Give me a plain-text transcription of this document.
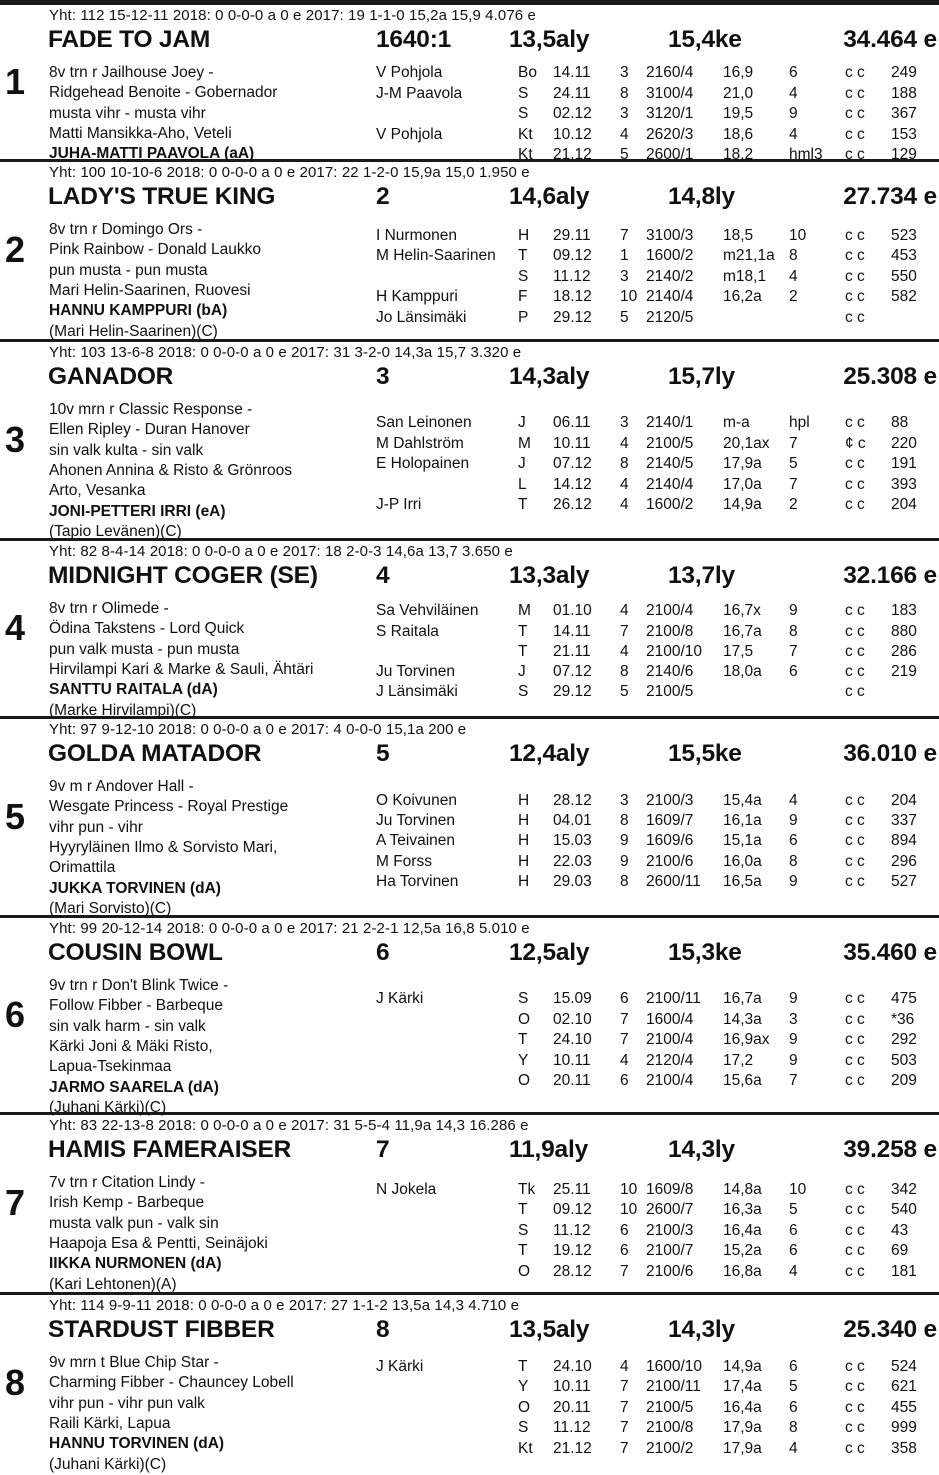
1
Yht: 112 15-12-11 2018: 0 0-0-0 a 0 e 2017: 19 1-1-0 15,2a 15,9 4.076 e
FADE TO JAM	1640:1 13,5aly	15,4ke	34.464 e
8v trn r Jailhouse Joey -
Ridgehead Benoite - Gobernador
musta vihr - musta vihr
Matti Mansikka-Aho, Veteli
JUHA-MATTI PAAVOLA (aA)
V Pohjola	Bo 14.11 3 2160/4 16,9 6	c c 249
J-M Paavola	S 24.11 8 3100/4 21,0 4	c c 188
S 02.12 3 3120/1 19,5 9	c c 367
V Pohjola	Kt 10.12 4 2620/3 18,6 4	c c 153
Kt 21.12 5 2600/1 18,2 hml3 c c 129
2
Yht: 100 10-10-6 2018: 0 0-0-0 a 0 e 2017: 22 1-2-0 15,9a 15,0 1.950 e
LADY'S TRUE KING	2	14,6aly	14,8ly	27.734 e
8v trn r Domingo Ors -
Pink Rainbow - Donald Laukko
pun musta - pun musta
Mari Helin-Saarinen, Ruovesi
HANNU KAMPPURI (bA)
(Mari Helin-Saarinen)(C)
I Nurmonen	H 29.11 7 3100/3 18,5 10	c c 523
M Helin-Saarinen T 09.12 1 1600/2 m21,1a 8	c c 453
S 11.12 3 2140/2 m18,1 4	c c 550
H Kamppuri	F 18.12 10 2140/4 16,2a 2	c c 582
Jo Länsimäki	P 29.12 5 2120/5	c c
3
Yht: 103 13-6-8 2018: 0 0-0-0 a 0 e 2017: 31 3-2-0 14,3a 15,7 3.320 e
GANADOR	3	14,3aly	15,7ly	25.308 e
10v mrn r Classic Response -
Ellen Ripley - Duran Hanover
sin valk kulta - sin valk
Ahonen Annina & Risto & Grönroos
Arto, Vesanka
JONI-PETTERI IRRI (eA)
(Tapio Levänen)(C)
San Leinonen	J 06.11 3 2140/1 m-a	hpl c c 88
M Dahlström	M 10.11 4 2100/5 20,1ax 7	¢ c 220
E Holopainen	J 07.12 8 2140/5 17,9a 5	c c 191
L 14.12 4 2140/4 17,0a 7	c c 393
J-P Irri	T 26.12 4 1600/2 14,9a 2	c c 204
4
Yht: 82 8-4-14 2018: 0 0-0-0 a 0 e 2017: 18 2-0-3 14,6a 13,7 3.650 e
MIDNIGHT COGER (SE) 4	13,3aly	13,7ly	32.166 e
8v trn r Olimede -
Ödina Takstens - Lord Quick
pun valk musta - pun musta
Hirvilampi Kari & Marke & Sauli, Ähtäri
SANTTU RAITALA (dA)
(Marke Hirvilampi)(C)
Sa Vehviläinen	M 01.10 4 2100/4 16,7x 9	c c 183
S Raitala	T 14.11 7 2100/8 16,7a 8	c c 880
T 21.11 4 2100/10 17,5 7	c c 286
Ju Torvinen	J 07.12 8 2140/6 18,0a 6	c c 219
J Länsimäki	S 29.12 5 2100/5	c c
5
Yht: 97 9-12-10 2018: 0 0-0-0 a 0 e 2017: 4 0-0-0 15,1a 200 e
GOLDA MATADOR	5	12,4aly	15,5ke	36.010 e
9v m r Andover Hall -
Wesgate Princess - Royal Prestige
vihr pun - vihr
Hyyryläinen Ilmo & Sorvisto Mari,
Orimattila
JUKKA TORVINEN (dA)
(Mari Sorvisto)(C)
O Koivunen	H 28.12 3 2100/3 15,4a 4	c c 204
Ju Torvinen	H 04.01 8 1609/7 16,1a 9	c c 337
A Teivainen	H 15.03 9 1609/6 15,1a 6	c c 894
M Forss	H 22.03 9 2100/6 16,0a 8	c c 296
Ha Torvinen	H 29.03 8 2600/11 16,5a 9	c c 527
6
Yht: 99 20-12-14 2018: 0 0-0-0 a 0 e 2017: 21 2-2-1 12,5a 16,8 5.010 e
COUSIN BOWL	6	12,5aly	15,3ke	35.460 e
9v trn r Don't Blink Twice -
Follow Fibber - Barbeque
sin valk harm - sin valk
Kärki Joni & Mäki Risto,
Lapua-Tsekinmaa
JARMO SAARELA (dA)
(Juhani Kärki)(C)
J Kärki	S 15.09 6 2100/11 16,7a 9	c c 475
O 02.10 7 1600/4 14,3a 3	c c *36
T 24.10 7 2100/4 16,9ax 9	c c 292
Y 10.11 4 2120/4 17,2 9	c c 503
O 20.11 6 2100/4 15,6a 7	c c 209
7
Yht: 83 22-13-8 2018: 0 0-0-0 a 0 e 2017: 31 5-5-4 11,9a 14,3 16.286 e
HAMIS FAMERAISER	7	11,9aly	14,3ly	39.258 e
7v trn r Citation Lindy -
Irish Kemp - Barbeque
musta valk pun - valk sin
Haapoja Esa & Pentti, Seinäjoki
IIKKA NURMONEN (dA)
(Kari Lehtonen)(A)
N Jokela	Tk 25.11 10 1609/8 14,8a 10	c c 342
T 09.12 10 2600/7 16,3a 5	c c 540
S 11.12 6 2100/3 16,4a 6	c c 43
T 19.12 6 2100/7 15,2a 6	c c 69
O 28.12 7 2100/6 16,8a 4	c c 181
8
Yht: 114 9-9-11 2018: 0 0-0-0 a 0 e 2017: 27 1-1-2 13,5a 14,3 4.710 e
STARDUST FIBBER	8	13,5aly	14,3ly	25.340 e
9v mrn t Blue Chip Star -
Charming Fibber - Chauncey Lobell
vihr pun - vihr pun valk
Raili Kärki, Lapua
HANNU TORVINEN (dA)
(Juhani Kärki)(C)
J Kärki	T 24.10 4 1600/10 14,9a 6	c c 524
Y 10.11 7 2100/11 17,4a 5	c c 621
O 20.11 7 2100/5 16,4a 6	c c 455
S 11.12 7 2100/8 17,9a 8	c c 999
Kt 21.12 7 2100/2 17,9a 4	c c 358
